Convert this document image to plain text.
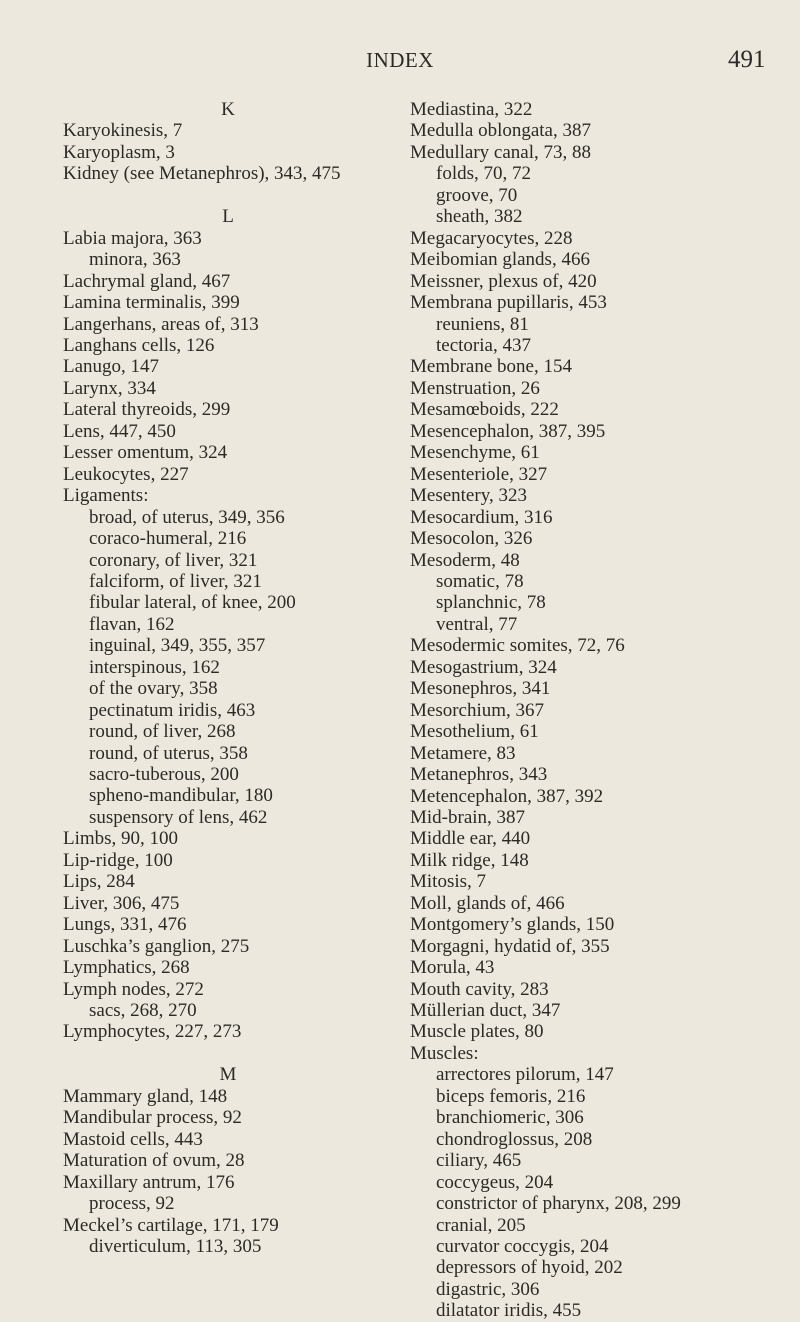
INDEX	491
K
Karyokinesis, 7
Karyoplasm, 3
Kidney (see Metanephros), 343, 475
L
Labia majora, 363
minora, 363
Lachrymal gland, 467
Lamina terminalis, 399
Langerhans, areas of, 313
Langhans cells, 126
Lanugo, 147
Larynx, 334
Lateral thyreoids, 299
Lens, 447, 450
Lesser omentum, 324
Leukocytes, 227
Ligaments:
broad, of uterus, 349, 356
coraco-humeral, 216
coronary, of liver, 321
falciform, of liver, 321
fibular lateral, of knee, 200
flavan, 162
inguinal, 349, 355, 357
interspinous, 162
of the ovary, 358
pectinatum iridis, 463
round, of liver, 268
round, of uterus, 358
sacro-tuberous, 200
spheno-mandibular, 180
suspensory of lens, 462
Limbs, 90, 100
Lip-ridge, 100
Lips, 284
Liver, 306, 475
Lungs, 331, 476
Luschka’s ganglion, 275
Lymphatics, 268
Lymph nodes, 272
sacs, 268, 270
Lymphocytes, 227, 273
M
Mammary gland, 148
Mandibular process, 92
Mastoid cells, 443
Maturation of ovum, 28
Maxillary antrum, 176
process, 92
Meckel’s cartilage, 171, 179
diverticulum, 113, 305
Mediastina, 322
Medulla oblongata, 387
Medullary canal, 73, 88
folds, 70, 72
groove, 70
sheath, 382
Megacaryocytes, 228
Meibomian glands, 466
Meissner, plexus of, 420
Membrana pupillaris, 453
reuniens, 81
tectoria, 437
Membrane bone, 154
Menstruation, 26
Mesamœboids, 222
Mesencephalon, 387, 395
Mesenchyme, 61
Mesenteriole, 327
Mesentery, 323
Mesocardium, 316
Mesocolon, 326
Mesoderm, 48
somatic, 78
splanchnic, 78
ventral, 77
Mesodermic somites, 72, 76
Mesogastrium, 324
Mesonephros, 341
Mesorchium, 367
Mesothelium, 61
Metamere, 83
Metanephros, 343
Metencephalon, 387, 392
Mid-brain, 387
Middle ear, 440
Milk ridge, 148
Mitosis, 7
Moll, glands of, 466
Montgomery’s glands, 150
Morgagni, hydatid of, 355
Morula, 43
Mouth cavity, 283
Müllerian duct, 347
Muscle plates, 80
Muscles:
arrectores pilorum, 147
biceps femoris, 216
branchiomeric, 306
chondroglossus, 208
ciliary, 465
coccygeus, 204
constrictor of pharynx, 208, 299
cranial, 205
curvator coccygis, 204
depressors of hyoid, 202
digastric, 306
dilatator iridis, 455
